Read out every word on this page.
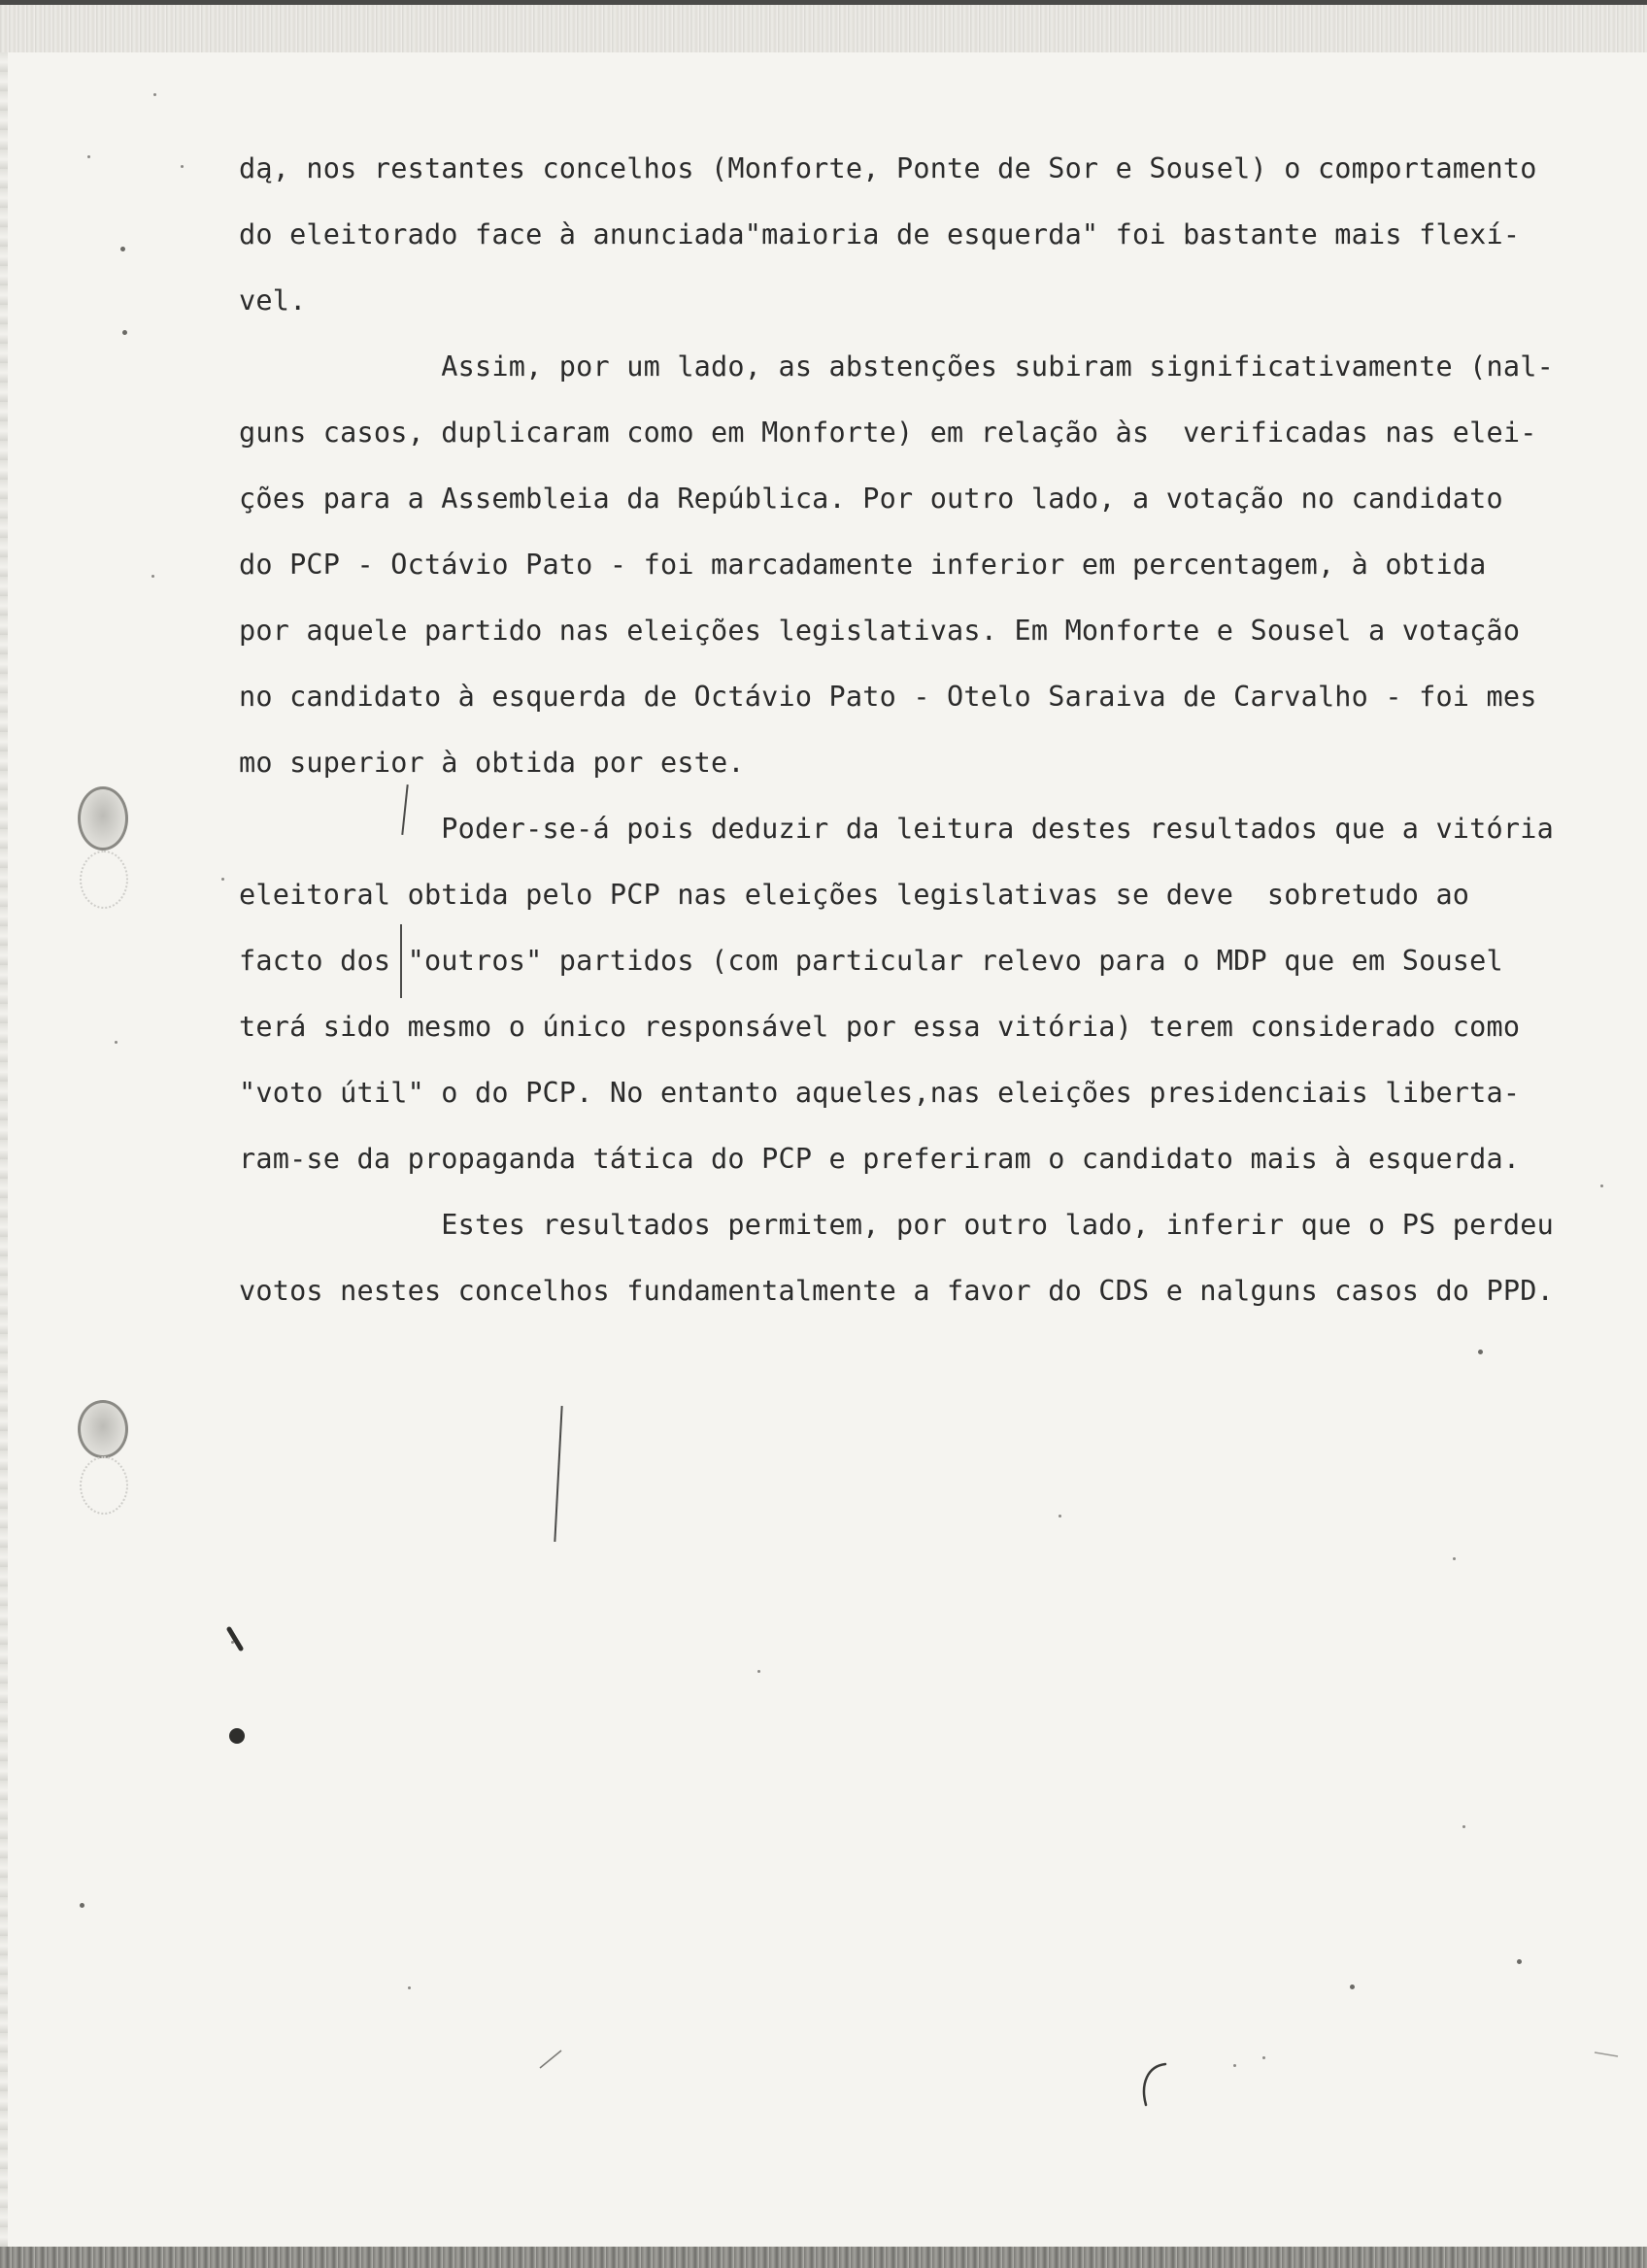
dą, nos restantes concelhos (Monforte, Ponte de Sor e Sousel) o comportamento
do eleitorado face à anunciada"maioria de esquerda" foi bastante mais flexí-
vel.
Assim, por um lado, as abstenções subiram significativamente (nal-
guns casos, duplicaram como em Monforte) em relação às  verificadas nas elei-
ções para a Assembleia da República. Por outro lado, a votação no candidato
do PCP - Octávio Pato - foi marcadamente inferior em percentagem, à obtida
por aquele partido nas eleições legislativas. Em Monforte e Sousel a votação
no candidato à esquerda de Octávio Pato - Otelo Saraiva de Carvalho - foi mes
mo superior à obtida por este.
Poder-se-á pois deduzir da leitura destes resultados que a vitória
eleitoral obtida pelo PCP nas eleições legislativas se deve  sobretudo ao
facto dos "outros" partidos (com particular relevo para o MDP que em Sousel
terá sido mesmo o único responsável por essa vitória) terem considerado como
"voto útil" o do PCP. No entanto aqueles,nas eleições presidenciais liberta-
ram-se da propaganda tática do PCP e preferiram o candidato mais à esquerda.
Estes resultados permitem, por outro lado, inferir que o PS perdeu
votos nestes concelhos fundamentalmente a favor do CDS e nalguns casos do PPD.
